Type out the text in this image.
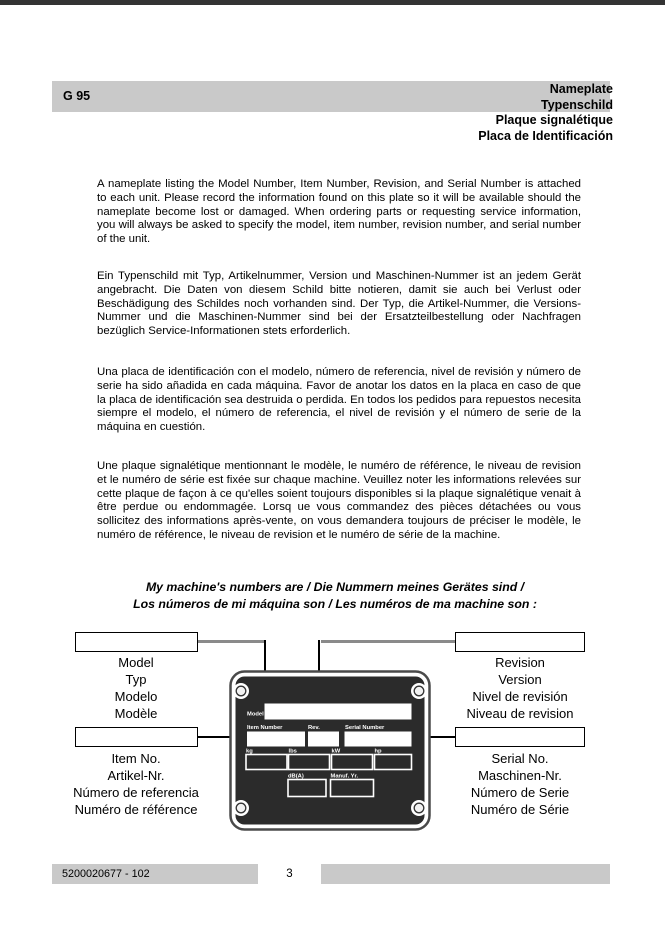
G 95	Nameplate
Typenschild
Plaque signalétique
Placa de Identificación

A nameplate listing the Model Number, Item Number, Revision, and Serial Number is attached to each unit. Please record the information found on this plate so it will be available should the nameplate become lost or damaged. When ordering parts or requesting service information, you will always be asked to specify the model, item number, revision number, and serial number of the unit.

Ein Typenschild mit Typ, Artikelnummer, Version und Maschinen-Nummer ist an jedem Gerät angebracht. Die Daten von diesem Schild bitte notieren, damit sie auch bei Verlust oder Beschädigung des Schildes noch vorhanden sind. Der Typ, die Artikel-Nummer, die Versions- Nummer und die Maschinen-Nummer sind bei der Ersatzteilbestellung oder Nachfragen bezüglich Service-Informationen stets erforderlich.

Una placa de identificación con el modelo, número de referencia, nivel de revisión y número de serie ha sido añadida en cada máquina. Favor de anotar los datos en la placa en caso de que la placa de identificación sea destruida o perdida. En todos los pedidos para repuestos necesita siempre el modelo, el número de referencia, el nivel de revisión y el número de serie de la máquina en cuestión.

Une plaque signalétique mentionnant le modèle, le numéro de référence, le niveau de revision et le numéro de série est fixée sur chaque machine. Veuillez noter les informations relevées sur cette plaque de façon à ce qu'elles soient toujours disponibles si la plaque signalétique venait à être perdue ou endommagée. Lorsq ue vous commandez des pièces détachées ou vous sollicitez des informations après-vente, on vous demandera toujours de préciser le modèle, le numéro de référence, le niveau de revision et le numéro de série de la machine.

My machine's numbers are / Die Nummern meines Gerätes sind /
Los números de mi máquina son / Les numéros de ma machine son :
Model
Typ
Modelo
Modèle
Revision
Version
Nivel de revisión
Niveau de revision
Item No.
Artikel-Nr.
Número de referencia
Numéro de référence
Serial No.
Maschinen-Nr.
Número de Serie
Numéro de Série
Model
Item Number	Rev.	Serial Number
kg	lbs	kW	hp
dB(A)	Manuf. Yr.
5200020677 - 102	3
